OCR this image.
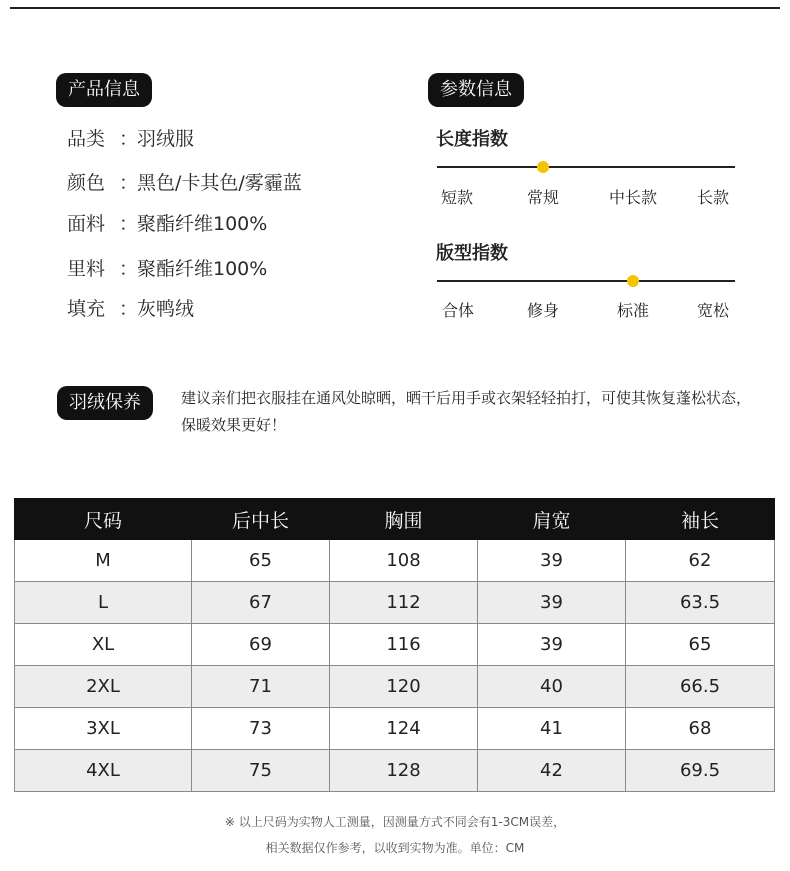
产品信息
品类 ：羽绒服
颜色 ：黑色/卡其色/雾霾蓝
面料 ：聚酯纤维100%
里料 ：聚酯纤维100%
填充 ：灰鸭绒
参数信息
长度指数
短款	常规	中长款 长款
版型指数
合体	修身	标准	宽松
羽绒保养	建议亲们把衣服挂在通风处晾晒，晒干后用手或衣架轻轻拍打，可使其恢复蓬松状态，保暖效果更好！
尺码	后中长	胸围	肩宽	袖长
M	65	108	39	62
L	67	112	39	63.5
XL	69	116	39	65
2XL	71	120	40	66.5
3XL	73	124	41	68
4XL	75	128	42	69.5
※ 以上尺码为实物人工测量，因测量方式不同会有1-3CM误差，
相关数据仅作参考，以收到实物为准。单位：CM
